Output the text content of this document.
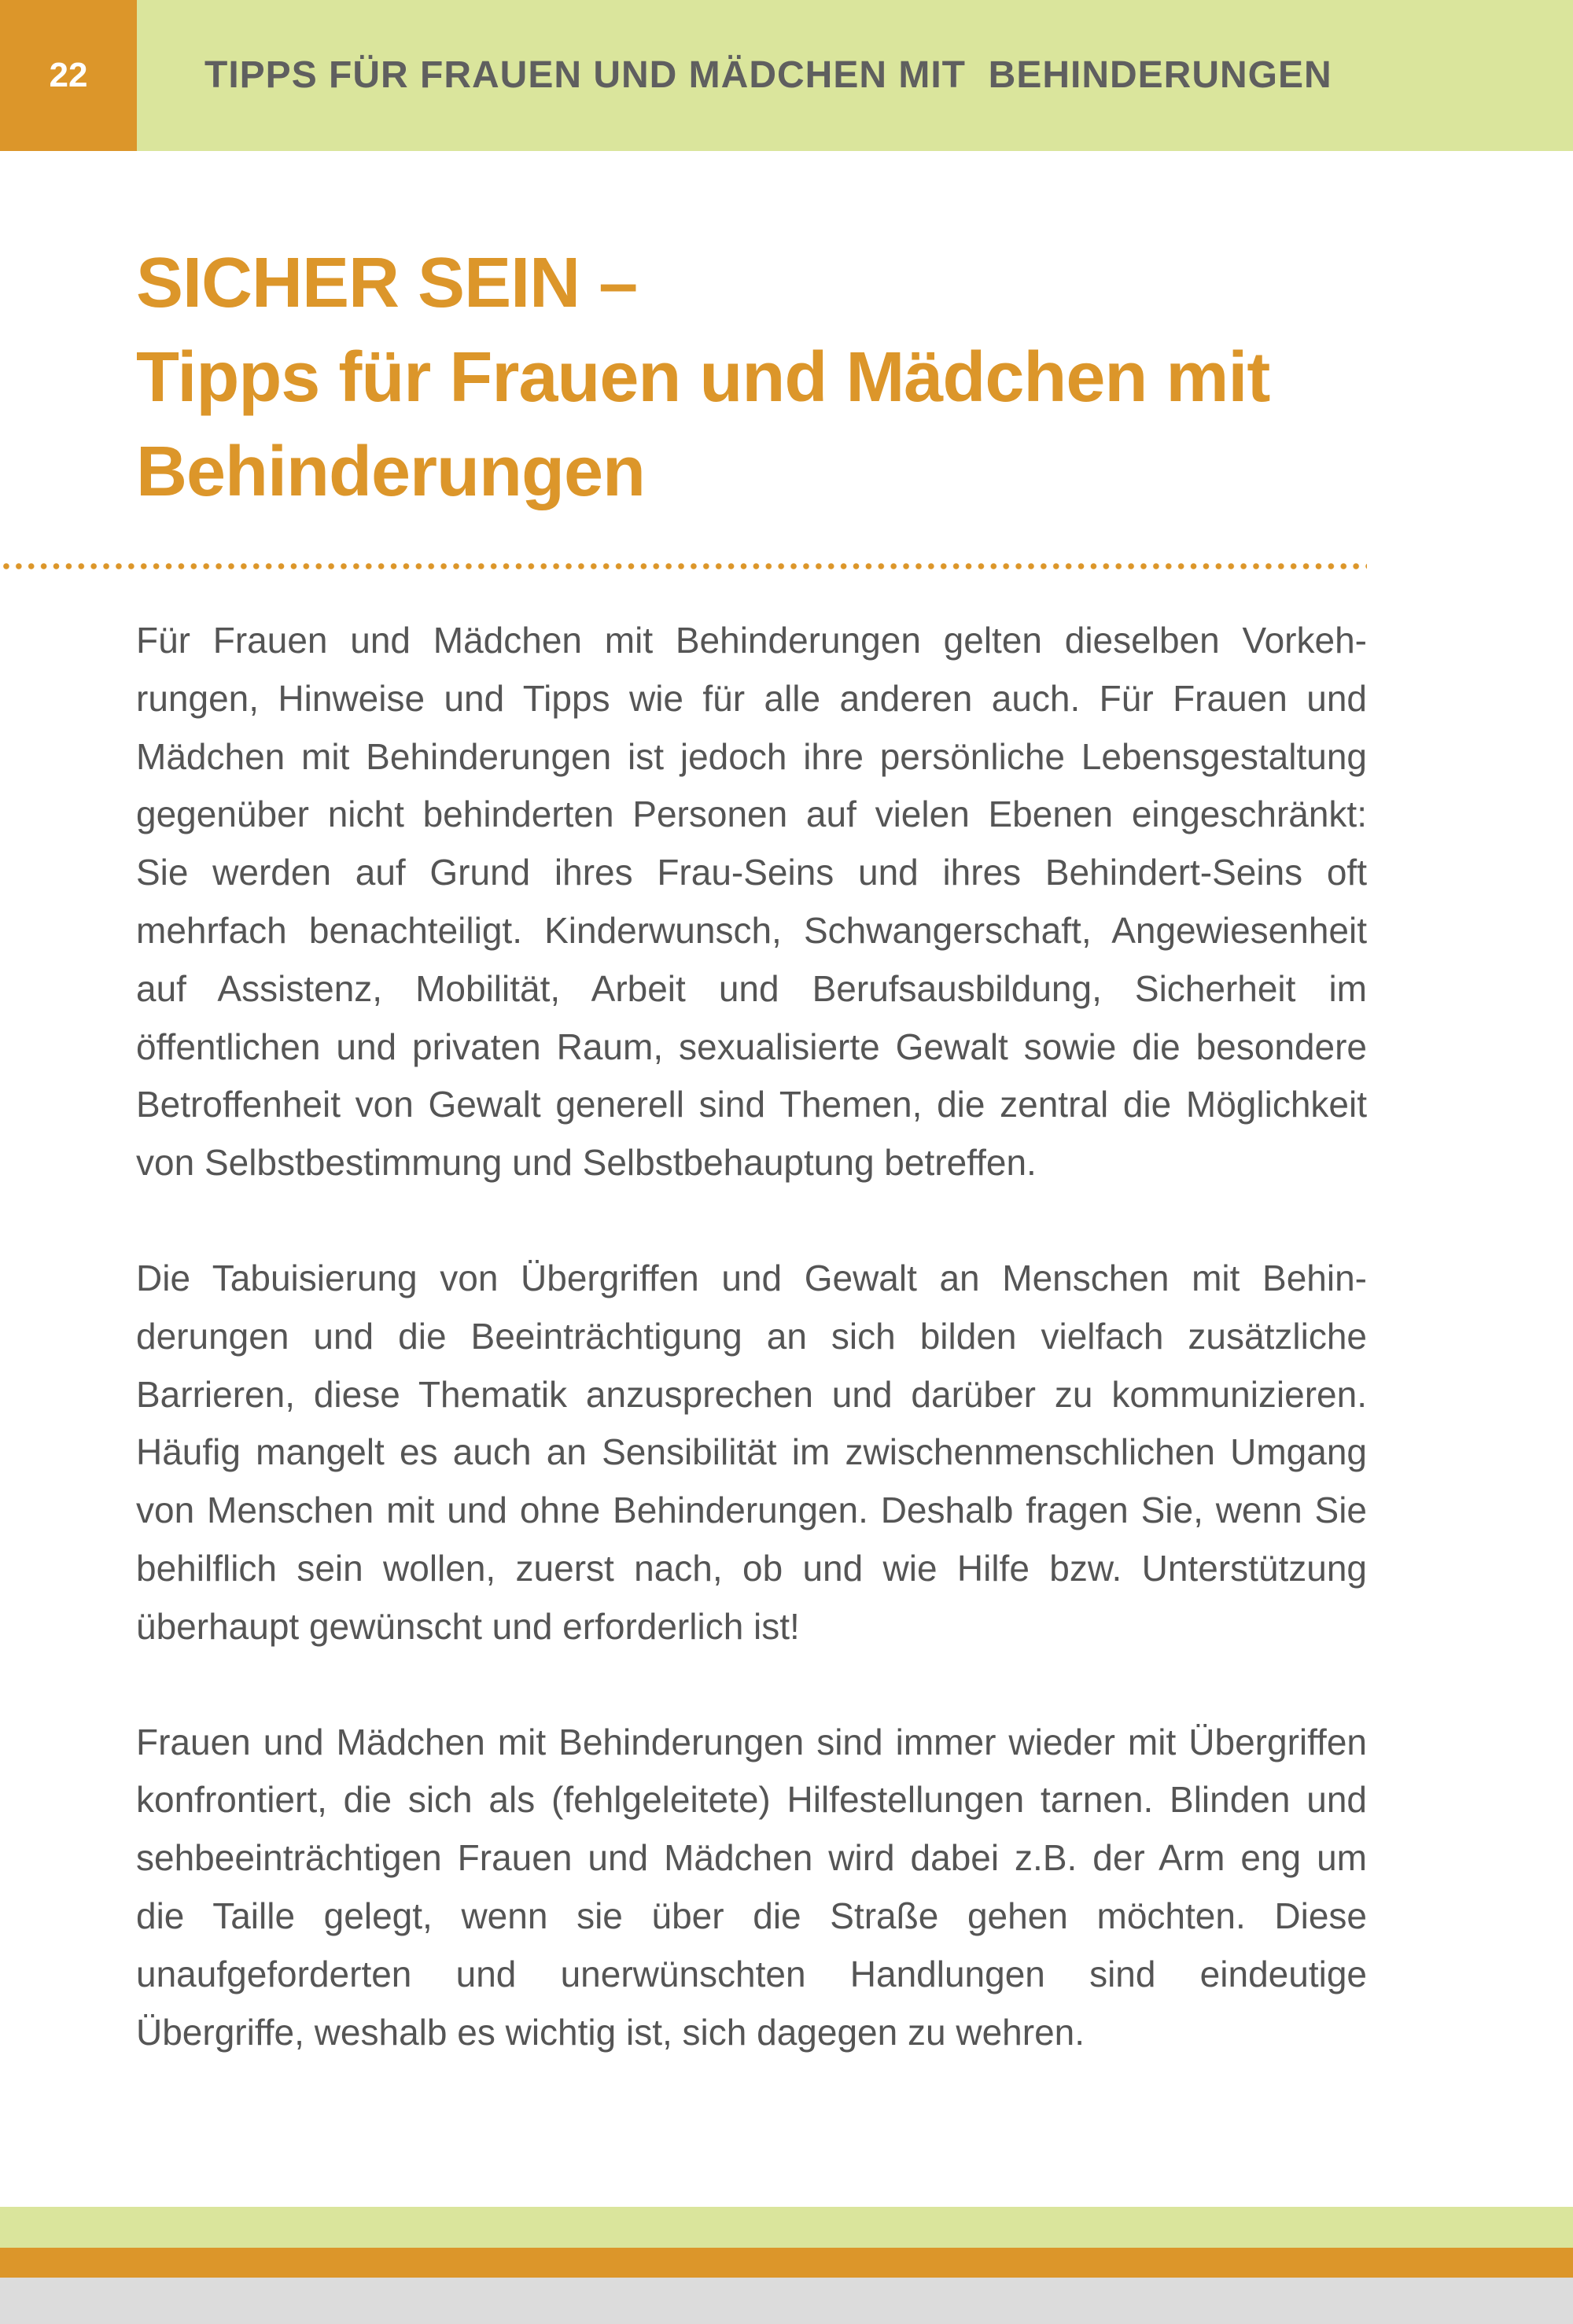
22	TIPPS FÜR FRAUEN UND MÄDCHEN MIT  BEHINDERUNGEN
SICHER SEIN –
Tipps für Frauen und Mädchen mit
Behinderungen

Für Frauen und Mädchen mit Behinderungen gelten dieselben Vorkehrungen, Hinweise und Tipps wie für alle anderen auch. Für Frauen und Mädchen mit Behinderungen ist jedoch ihre persönliche Lebensgestaltung gegenüber nicht behinderten Personen auf vielen Ebenen eingeschränkt: Sie werden auf Grund ihres Frau-Seins und ihres Behindert-Seins oft mehrfach benachteiligt. Kinderwunsch, Schwangerschaft, Angewiesenheit auf Assistenz, Mobilität, Arbeit und Berufsausbildung, Sicherheit im öffentlichen und privaten Raum, sexualisierte Gewalt sowie die besondere Betroffenheit von Gewalt generell sind Themen, die zentral die Möglichkeit von Selbstbestimmung und Selbstbehauptung betreffen.

Die Tabuisierung von Übergriffen und Gewalt an Menschen mit Behinderungen und die Beeinträchtigung an sich bilden vielfach zusätzliche Barrieren, diese Thematik anzusprechen und darüber zu kommunizieren. Häufig mangelt es auch an Sensibilität im zwischenmenschlichen Umgang von Menschen mit und ohne Behinderungen. Deshalb fragen Sie, wenn Sie behilflich sein wollen, zuerst nach, ob und wie Hilfe bzw. Unterstützung überhaupt gewünscht und erforderlich ist!

Frauen und Mädchen mit Behinderungen sind immer wieder mit Übergriffen konfrontiert, die sich als (fehlgeleitete) Hilfestellungen tarnen. Blinden und sehbeeinträchtigen Frauen und Mädchen wird dabei z.B. der Arm eng um die Taille gelegt, wenn sie über die Straße gehen möchten. Diese unaufgeforderten und unerwünschten Handlungen sind eindeutige Übergriffe, weshalb es wichtig ist, sich dagegen zu wehren.
